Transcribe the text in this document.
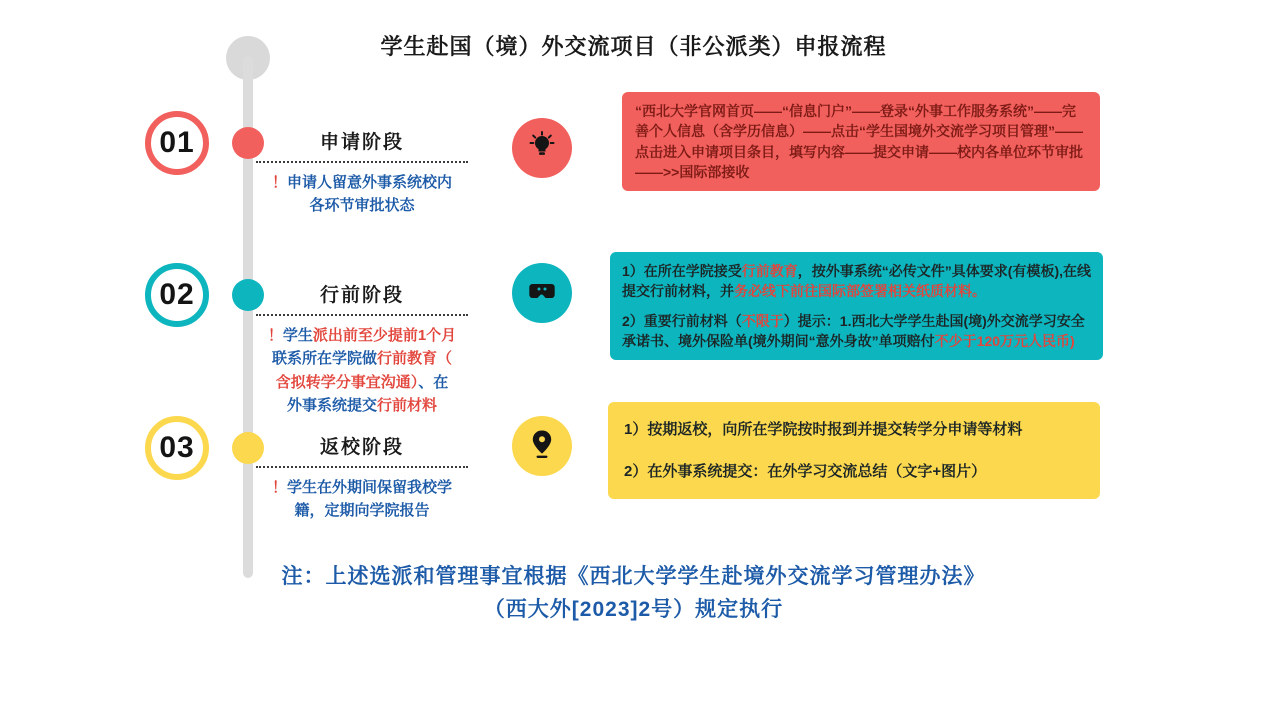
学生赴国（境）外交流项目（非公派类）申报流程
01	申请阶段
！申请人留意外事系统校内
各环节审批状态
“西北大学官网首页——“信息门户”——登录“外事工作服务系统”——完善个人信息（含学历信息）——点击“学生国境外交流学习项目管理”——点击进入申请项目条目，填写内容——提交申请——校内各单位环节审批——>>国际部接收
02	行前阶段
！学生派出前至少提前1个月
联系所在学院做行前教育（
含拟转学分事宜沟通）、在
外事系统提交行前材料
1）在所在学院接受行前教育，按外事系统“必传文件”具体要求(有模板),在线提交行前材料，并务必线下前往国际部签署相关纸质材料。
2）重要行前材料（不限于）提示：1.西北大学学生赴国(境)外交流学习安全承诺书、境外保险单(境外期间“意外身故”单项赔付不少于120万元人民币)
03	返校阶段
！学生在外期间保留我校学
籍，定期向学院报告
1）按期返校，向所在学院按时报到并提交转学分申请等材料
2）在外事系统提交：在外学习交流总结（文字+图片）
注：上述选派和管理事宜根据《西北大学学生赴境外交流学习管理办法》
（西大外[2023]2号）规定执行
